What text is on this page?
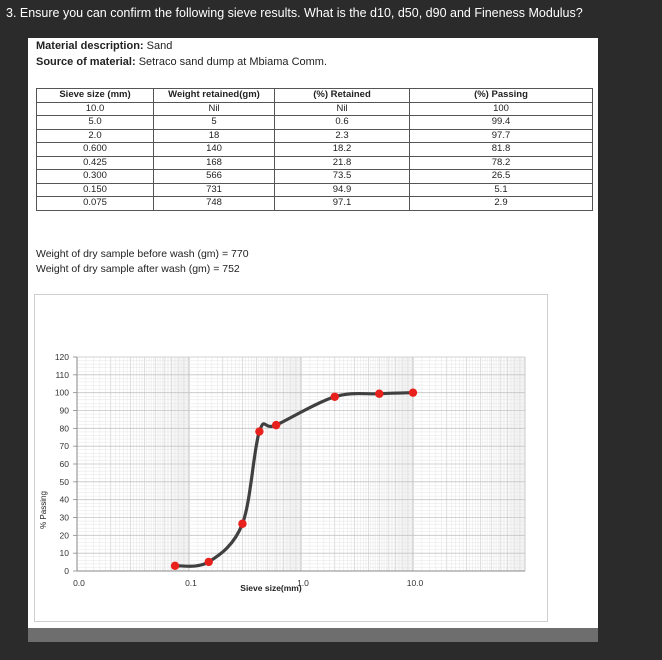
3. Ensure you can confirm the following sieve results. What is the d10, d50, d90 and Fineness Modulus?
Material description: Sand
Source of material: Setraco sand dump at Mbiama Comm.
Sieve size (mm)	Weight retained(gm)	(%) Retained	(%) Passing
10.0	Nil	Nil	100
5.0	5	0.6	99.4
2.0	18	2.3	97.7
0.600	140	18.2	81.8
0.425	168	21.8	78.2
0.300	566	73.5	26.5
0.150	731	94.9	5.1
0.075	748	97.1	2.9
Weight of dry sample before wash (gm) = 770
Weight of dry sample after wash (gm) = 752
0
10
20
30
40
50
60
70
80
90
100
110
120
0.0	0.1	1.0	10.0
% Passing
Sieve size(mm)
